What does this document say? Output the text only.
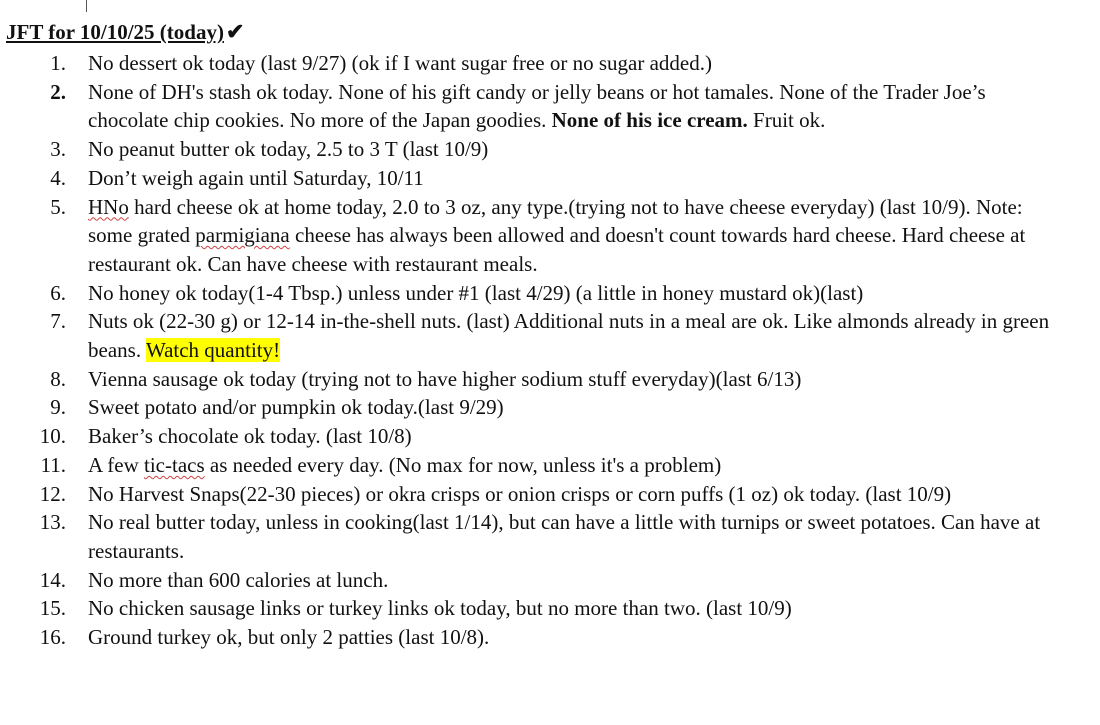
JFT for 10/10/25 (today)✔
1. No dessert ok today (last 9/27) (ok if I want sugar free or no sugar added.)
2. None of DH's stash ok today. None of his gift candy or jelly beans or hot tamales. None of the Trader Joe’s chocolate chip cookies. No more of the Japan goodies. None of his ice cream. Fruit ok.
3. No peanut butter ok today, 2.5 to 3 T (last 10/9)
4. Don’t weigh again until Saturday, 10/11
5. HNo hard cheese ok at home today, 2.0 to 3 oz, any type.(trying not to have cheese everyday) (last 10/9). Note: some grated parmigiana cheese has always been allowed and doesn't count towards hard cheese. Hard cheese at restaurant ok. Can have cheese with restaurant meals.
6. No honey ok today(1-4 Tbsp.) unless under #1 (last 4/29) (a little in honey mustard ok)(last)
7. Nuts ok (22-30 g) or 12-14 in-the-shell nuts. (last) Additional nuts in a meal are ok. Like almonds already in green beans. Watch quantity!
8. Vienna sausage ok today (trying not to have higher sodium stuff everyday)(last 6/13)
9. Sweet potato and/or pumpkin ok today.(last 9/29)
10. Baker’s chocolate ok today. (last 10/8)
11. A few tic-tacs as needed every day. (No max for now, unless it's a problem)
12. No Harvest Snaps(22-30 pieces) or okra crisps or onion crisps or corn puffs (1 oz) ok today. (last 10/9)
13. No real butter today, unless in cooking(last 1/14), but can have a little with turnips or sweet potatoes. Can have at restaurants.
14. No more than 600 calories at lunch.
15. No chicken sausage links or turkey links ok today, but no more than two. (last 10/9)
16. Ground turkey ok, but only 2 patties (last 10/8).
